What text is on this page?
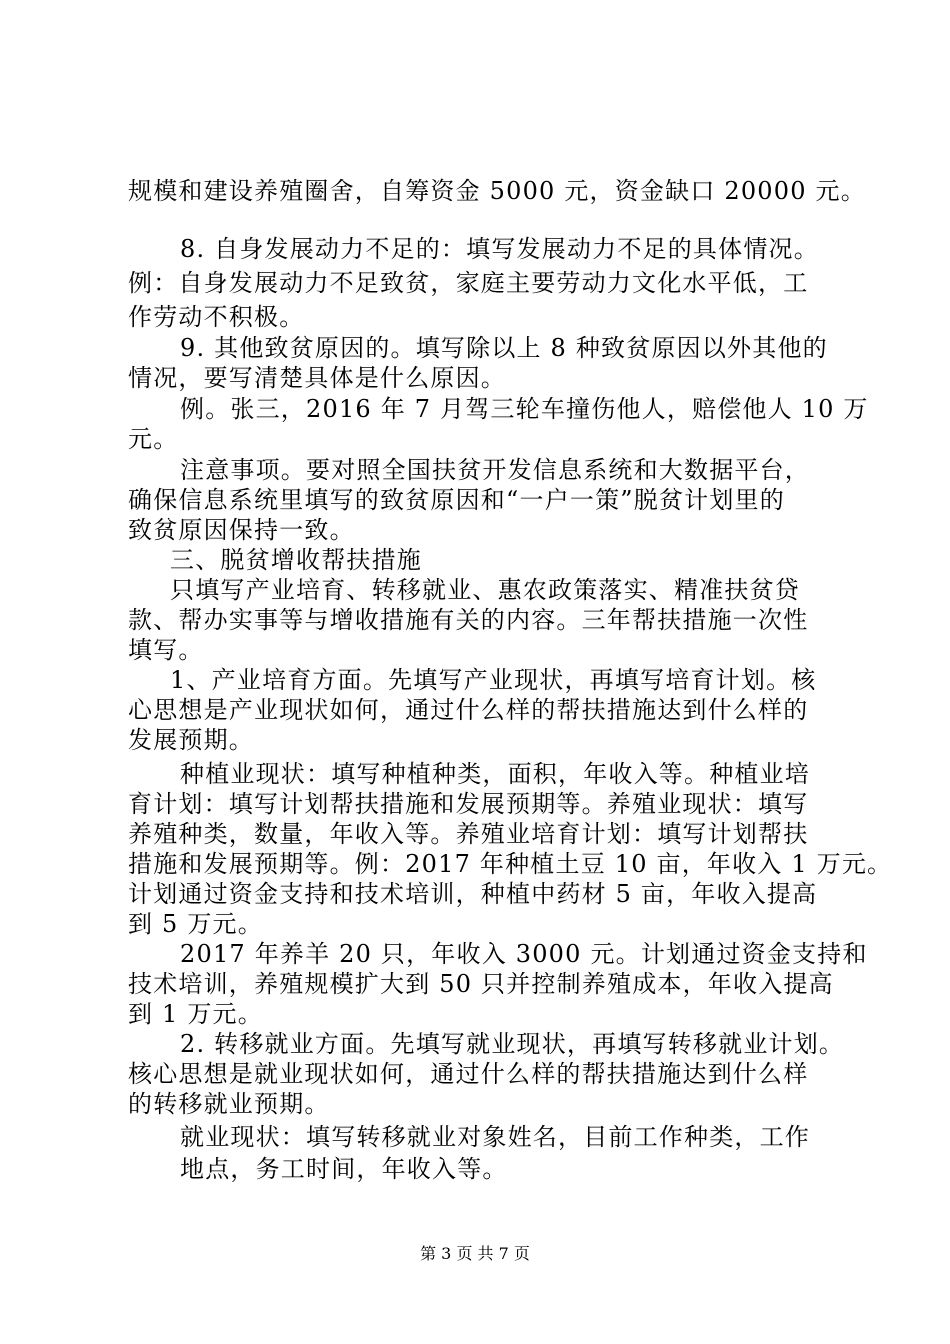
规模和建设养殖圈舍，自筹资金 5000 元，资金缺口 20000 元。
8. 自身发展动力不足的：填写发展动力不足的具体情况。
例：自身发展动力不足致贫，家庭主要劳动力文化水平低，工
作劳动不积极。
9. 其他致贫原因的。填写除以上 8 种致贫原因以外其他的
情况，要写清楚具体是什么原因。
例。张三，2016 年 7 月驾三轮车撞伤他人，赔偿他人 10 万
元。
注意事项。要对照全国扶贫开发信息系统和大数据平台，
确保信息系统里填写的致贫原因和“一户一策”脱贫计划里的
致贫原因保持一致。
三、脱贫增收帮扶措施
只填写产业培育、转移就业、惠农政策落实、精准扶贫贷
款、帮办实事等与增收措施有关的内容。三年帮扶措施一次性
填写。
1、产业培育方面。先填写产业现状，再填写培育计划。核
心思想是产业现状如何，通过什么样的帮扶措施达到什么样的
发展预期。
种植业现状：填写种植种类，面积，年收入等。种植业培
育计划：填写计划帮扶措施和发展预期等。养殖业现状：填写
养殖种类，数量，年收入等。养殖业培育计划：填写计划帮扶
措施和发展预期等。例：2017 年种植土豆 10 亩，年收入 1 万元。
计划通过资金支持和技术培训，种植中药材 5 亩，年收入提高
到 5 万元。
2017 年养羊 20 只，年收入 3000 元。计划通过资金支持和
技术培训，养殖规模扩大到 50 只并控制养殖成本，年收入提高
到 1 万元。
2. 转移就业方面。先填写就业现状，再填写转移就业计划。
核心思想是就业现状如何，通过什么样的帮扶措施达到什么样
的转移就业预期。
就业现状：填写转移就业对象姓名，目前工作种类，工作
地点，务工时间，年收入等。
第 3 页 共 7 页
